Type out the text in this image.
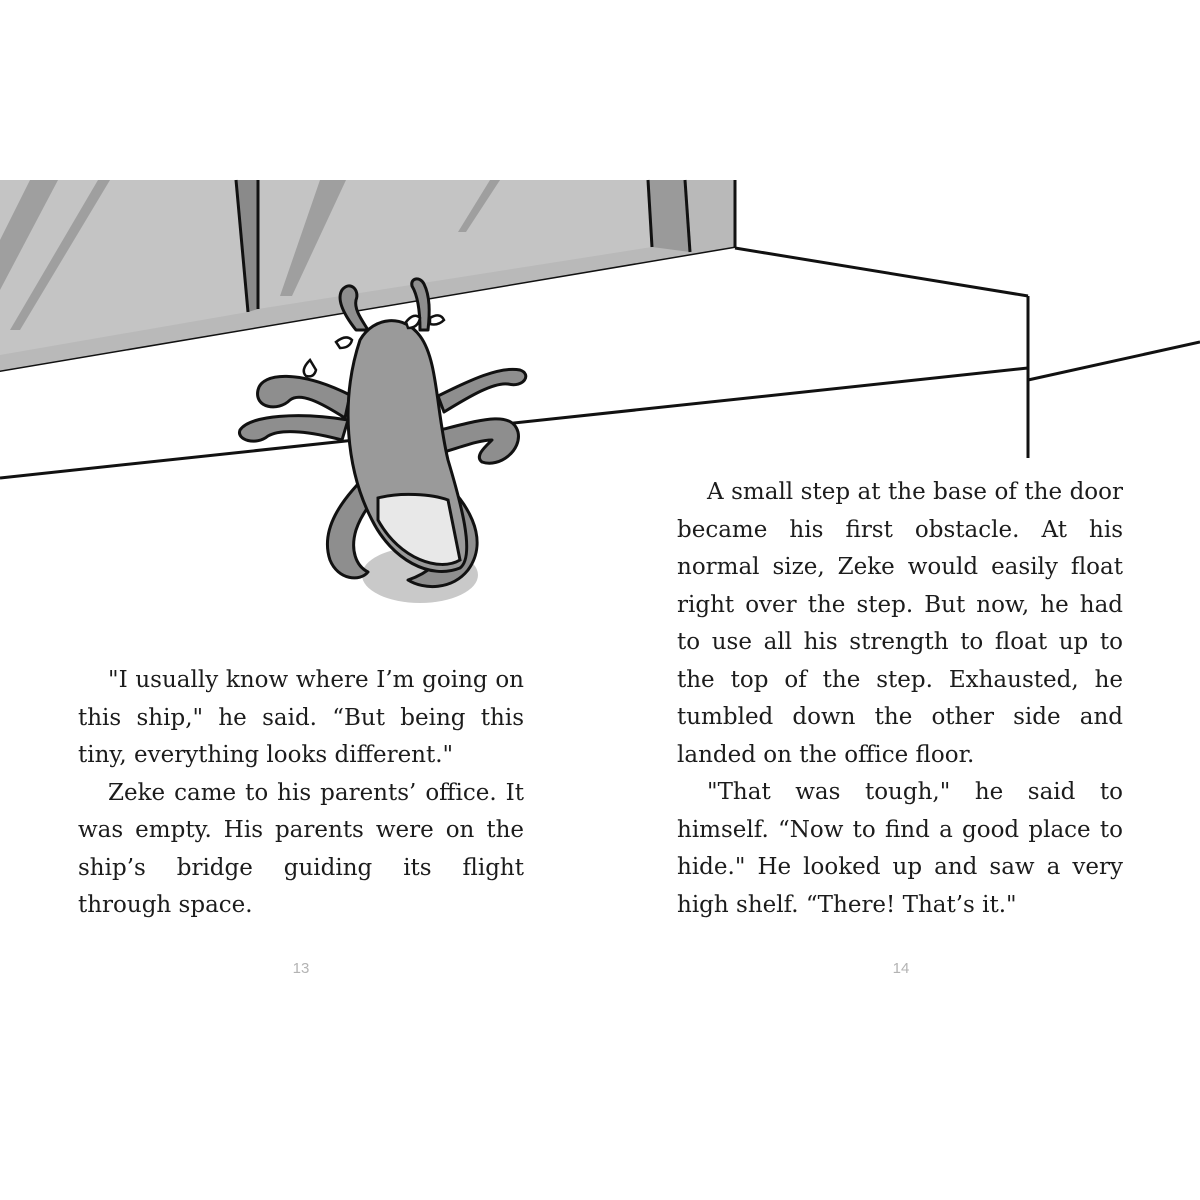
"I usually know where I’m going on this ship," he said. “But being this tiny, everything looks different."

Zeke came to his parents’ office. It was empty. His parents were on the ship’s bridge guiding its flight through space.

A small step at the base of the door became his first obstacle. At his normal size, Zeke would easily float right over the step. But now, he had to use all his strength to float up to the top of the step. Exhausted, he tumbled down the other side and landed on the office floor.

"That was tough," he said to himself. “Now to find a good place to hide." He looked up and saw a very high shelf. “There! That’s it."

13	14
